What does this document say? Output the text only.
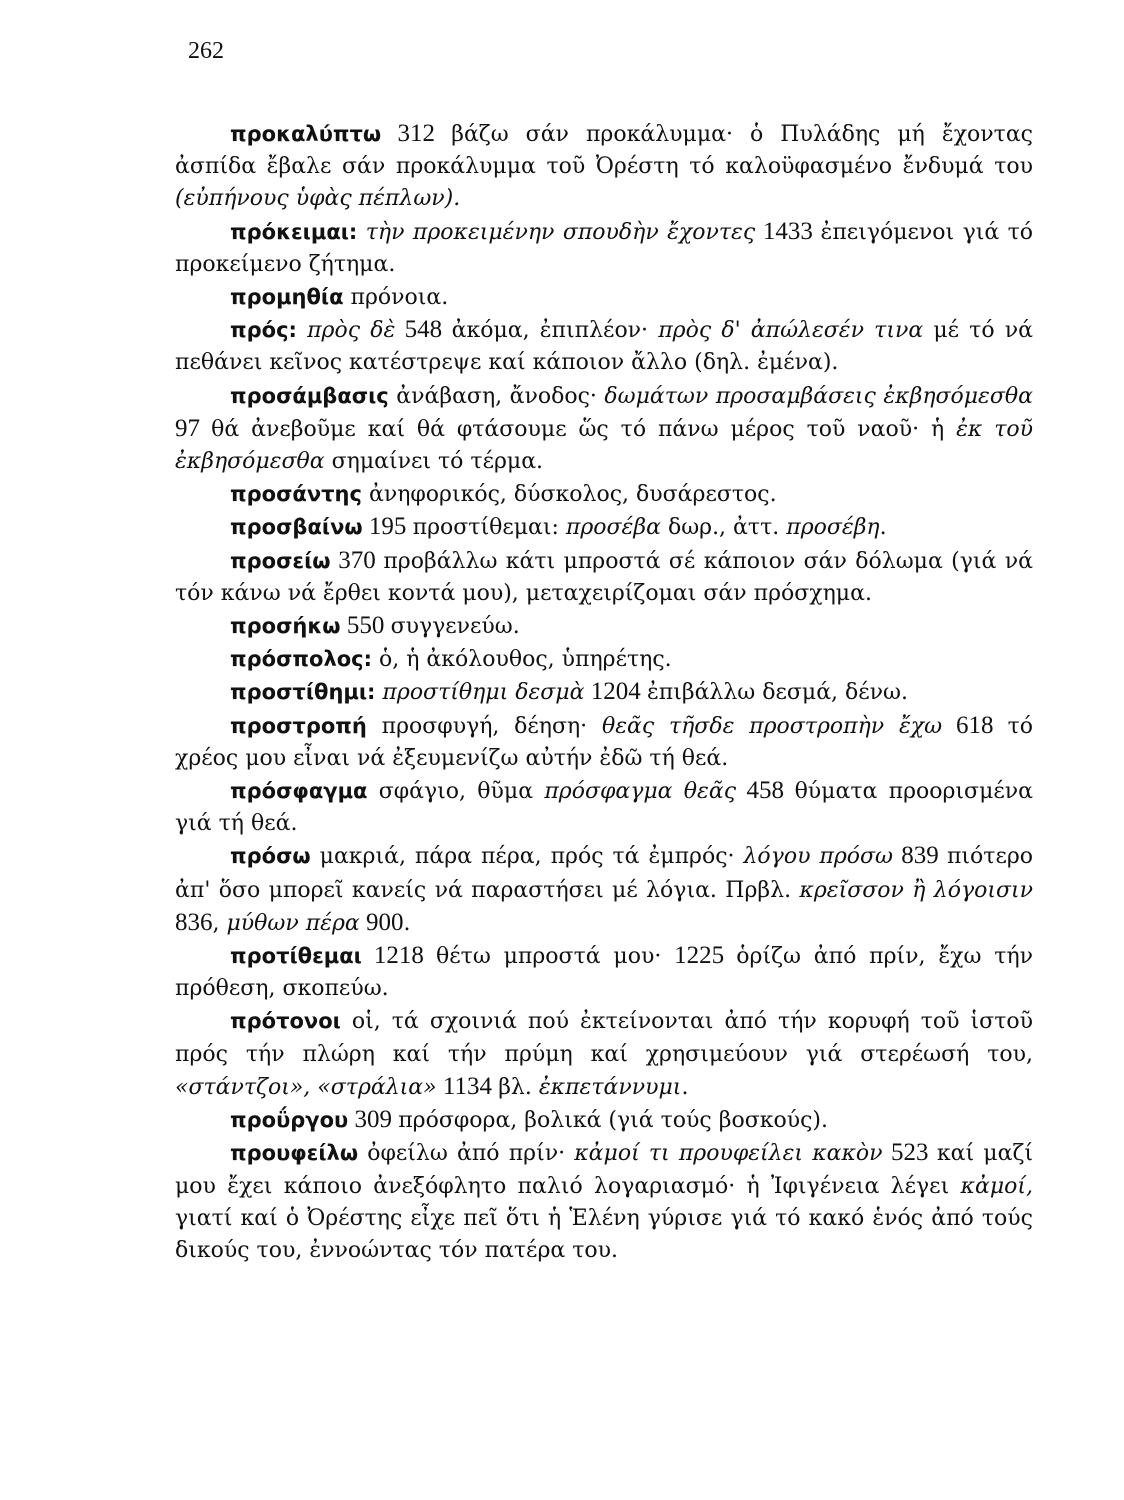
262

προκαλύπτω 312 βάζω σάν προκάλυμμα· ὁ Πυλάδης μή ἔχοντας ἀσπίδα ἔβαλε σάν προκάλυμμα τοῦ Ὀρέστη τό καλοϋφασμένο ἔνδυμά του (εὐπήνους ὑφὰς πέπλων).

πρόκειμαι: τὴν προκειμένην σπουδὴν ἔχοντες 1433 ἐπειγόμενοι γιά τό προκείμενο ζήτημα.

προμηθία πρόνοια.

πρός: πρὸς δὲ 548 ἀκόμα, ἐπιπλέον· πρὸς δ' ἀπώλεσέν τινα μέ τό νά πεθάνει κεῖνος κατέστρεψε καί κάποιον ἄλλο (δηλ. ἐμένα).

προσάμβασις ἀνάβαση, ἄνοδος· δωμάτων προσαμβάσεις ἐκβησόμεσθα 97 θά ἀνεβοῦμε καί θά φτάσουμε ὥς τό πάνω μέρος τοῦ ναοῦ· ἡ ἐκ τοῦ ἐκβησόμεσθα σημαίνει τό τέρμα.

προσάντης ἀνηφορικός, δύσκολος, δυσάρεστος.

προσβαίνω 195 προστίθεμαι: προσέβα δωρ., ἀττ. προσέβη.

προσείω 370 προβάλλω κάτι μπροστά σέ κάποιον σάν δόλωμα (γιά νά τόν κάνω νά ἔρθει κοντά μου), μεταχειρίζομαι σάν πρόσχημα.

προσήκω 550 συγγενεύω.

πρόσπολος: ὁ, ἡ ἀκόλουθος, ὑπηρέτης.

προστίθημι: προστίθημι δεσμὰ 1204 ἐπιβάλλω δεσμά, δένω.

προστροπή προσφυγή, δέηση· θεᾶς τῆσδε προστροπὴν ἔχω 618 τό χρέος μου εἶναι νά ἐξευμενίζω αὐτήν ἐδῶ τή θεά.

πρόσφαγμα σφάγιο, θῦμα πρόσφαγμα θεᾶς 458 θύματα προορισμένα γιά τή θεά.

πρόσω μακριά, πάρα πέρα, πρός τά ἐμπρός· λόγου πρόσω 839 πιότερο ἀπ' ὅσο μπορεῖ κανείς νά παραστήσει μέ λόγια. Πρβλ. κρεῖσσον ἢ λόγοισιν 836, μύθων πέρα 900.

προτίθεμαι 1218 θέτω μπροστά μου· 1225 ὁρίζω ἀπό πρίν, ἔχω τήν πρόθεση, σκοπεύω.

πρότονοι οἱ, τά σχοινιά πού ἐκτείνονται ἀπό τήν κορυφή τοῦ ἱστοῦ πρός τήν πλώρη καί τήν πρύμη καί χρησιμεύουν γιά στερέωσή του, «στάντζοι», «στράλια» 1134 βλ. ἐκπετάννυμι.

προΰργου 309 πρόσφορα, βολικά (γιά τούς βοσκούς).

προυφείλω ὀφείλω ἀπό πρίν· κἀμοί τι προυφείλει κακὸν 523 καί μαζί μου ἔχει κάποιο ἀνεξόφλητο παλιό λογαριασμό· ἡ Ἰφιγένεια λέγει κἀμοί, γιατί καί ὁ Ὀρέστης εἶχε πεῖ ὅτι ἡ Ἑλένη γύρισε γιά τό κακό ἑνός ἀπό τούς δικούς του, ἐννοώντας τόν πατέρα του.
